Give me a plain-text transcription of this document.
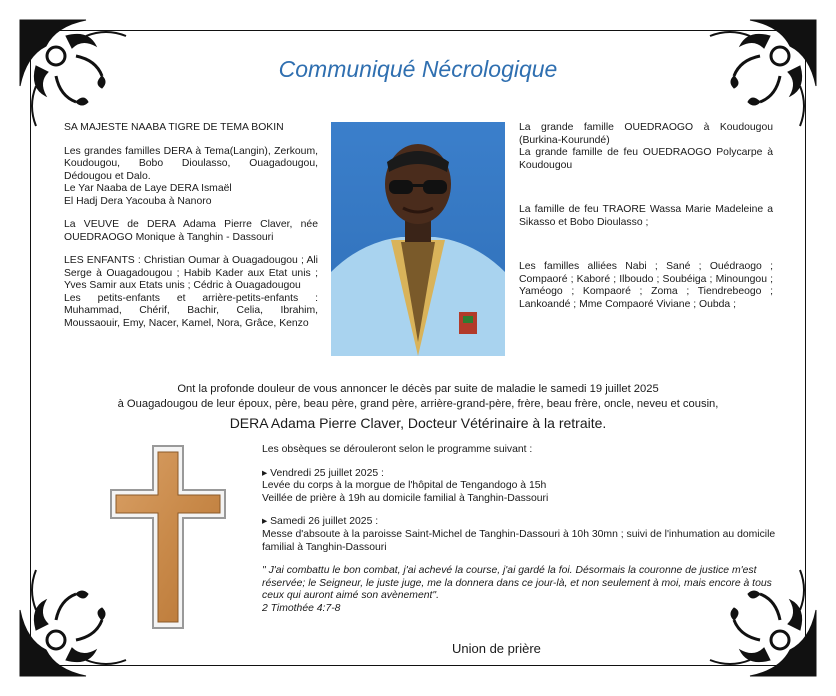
Communiqué Nécrologique

SA MAJESTE NAABA TIGRE DE TEMA BOKIN

Les grandes familles DERA à Tema(Langin), Zerkoum, Koudougou, Bobo Dioulasso, Ouagadougou, Dédougou et Dalo.
Le Yar Naaba de Laye DERA Ismaël

El Hadj Dera Yacouba à Nanoro

La VEUVE de DERA Adama Pierre Claver, née OUEDRAOGO Monique à Tanghin - Dassouri

LES ENFANTS : Christian Oumar à Ouagadougou ; Ali Serge à Ouagadougou ; Habib Kader aux Etat unis ; Yves Samir aux Etats unis ; Cédric à Ouagadougou
Les petits-enfants et arrière-petits-enfants : Muhammad, Chérif, Bachir, Celia, Ibrahim, Moussaouir, Emy, Nacer, Kamel, Nora, Grâce, Kenzo
La grande famille OUEDRAOGO à Koudougou (Burkina-Kourundé)

La grande famille de feu OUEDRAOGO Polycarpe à Koudougou

La famille de feu TRAORE Wassa Marie Madeleine a Sikasso et Bobo Dioulasso ;

Les familles alliées Nabi ; Sané ; Ouédraogo ; Compaoré ; Kaboré ; Ilboudo ; Soubéiga ; Minoungou ; Yaméogo ; Kompaoré ; Zoma ; Tiendrebeogo ; Lankoandé ; Mme Compaoré Viviane ; Oubda ;

Ont la profonde douleur de vous annoncer le décès par suite de maladie le samedi 19 juillet 2025
à Ouagadougou de leur époux, père, beau père, grand père, arrière-grand-père, frère, beau frère, oncle, neveu et cousin,
DERA Adama Pierre Claver, Docteur Vétérinaire à la retraite.

Les obsèques se dérouleront selon le programme suivant :

▸ Vendredi 25 juillet 2025 :
Levée du corps à la morgue de l'hôpital de Tengandogo à 15h

Veillée de prière à 19h au domicile familial à Tanghin-Dassouri

▸ Samedi 26 juillet 2025 :

Messe d'absoute à la paroisse Saint-Michel de Tanghin-Dassouri à 10h 30mn ; suivi de l'inhumation au domicile familial à Tanghin-Dassouri

" J'ai combattu le bon combat, j'ai achevé la course, j'ai gardé la foi. Désormais la couronne de justice m'est réservée; le Seigneur, le juste juge, me la donnera dans ce jour-là, et non seulement à moi, mais encore à tous ceux qui auront aimé son avènement".
2 Timothée 4:7-8
Union de prière
